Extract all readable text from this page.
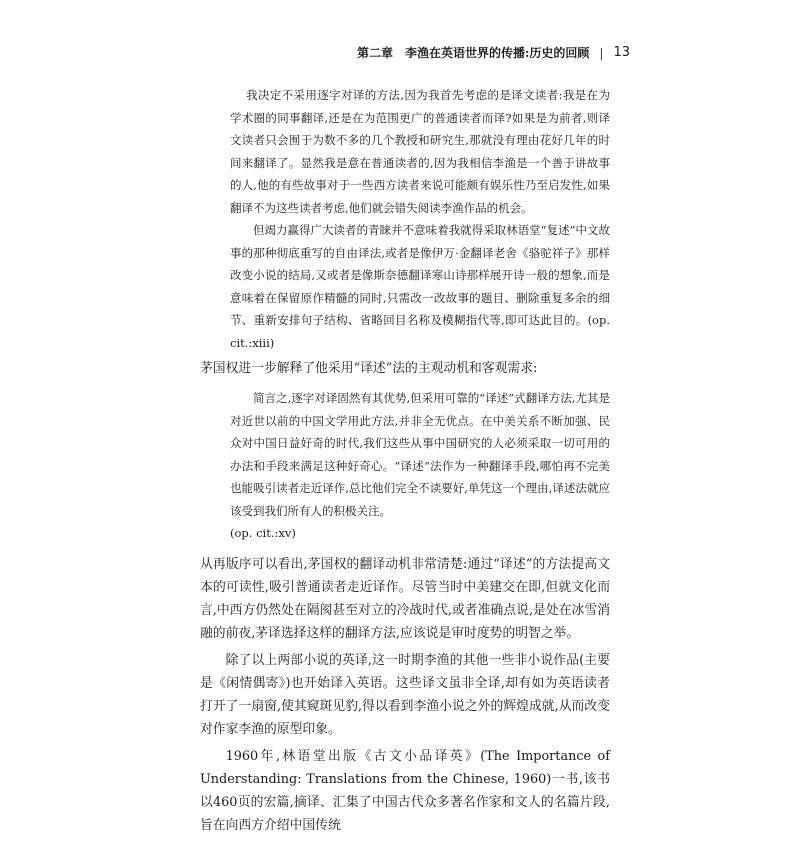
第二章　李渔在英语世界的传播:历史的回顾 | 13

我决定不采用逐字对译的方法,因为我首先考虑的是译文读者:我是在为学术圈的同事翻译,还是在为范围更广的普通读者而译?如果是为前者,则译文读者只会囿于为数不多的几个教授和研究生,那就没有理由花好几年的时间来翻译了。显然我是意在普通读者的,因为我相信李渔是一个善于讲故事的人,他的有些故事对于一些西方读者来说可能颇有娱乐性乃至启发性,如果翻译不为这些读者考虑,他们就会错失阅读李渔作品的机会。

但竭力赢得广大读者的青睐并不意味着我就得采取林语堂“复述”中文故事的那种彻底重写的自由译法,或者是像伊万·金翻译老舍《骆驼祥子》那样改变小说的结局,又或者是像斯奈德翻译寒山诗那样展开诗一般的想象,而是意味着在保留原作精髓的同时,只需改一改故事的题目、删除重复多余的细节、重新安排句子结构、省略回目名称及模糊指代等,即可达此目的。(op. cit.:xiii)

茅国权进一步解释了他采用“译述”法的主观动机和客观需求:

简言之,逐字对译固然有其优势,但采用可靠的“译述”式翻译方法,尤其是对近世以前的中国文学用此方法,并非全无优点。在中美关系不断加强、民众对中国日益好奇的时代,我们这些从事中国研究的人必须采取一切可用的办法和手段来满足这种好奇心。“译述”法作为一种翻译手段,哪怕再不完美也能吸引读者走近译作,总比他们完全不读要好,单凭这一个理由,译述法就应该受到我们所有人的积极关注。

(op. cit.:xv)

从再版序可以看出,茅国权的翻译动机非常清楚:通过“译述”的方法提高文本的可读性,吸引普通读者走近译作。尽管当时中美建交在即,但就文化而言,中西方仍然处在隔阂甚至对立的冷战时代,或者准确点说,是处在冰雪消融的前夜,茅译选择这样的翻译方法,应该说是审时度势的明智之举。

除了以上两部小说的英译,这一时期李渔的其他一些非小说作品(主要是《闲情偶寄》)也开始译入英语。这些译文虽非全译,却有如为英语读者打开了一扇窗,使其窥斑见豹,得以看到李渔小说之外的辉煌成就,从而改变对作家李渔的原型印象。

1960年,林语堂出版《古文小品译英》(The Importance of Understanding: Translations from the Chinese, 1960)一书,该书以460页的宏篇,摘译、汇集了中国古代众多著名作家和文人的名篇片段,旨在向西方介绍中国传统
